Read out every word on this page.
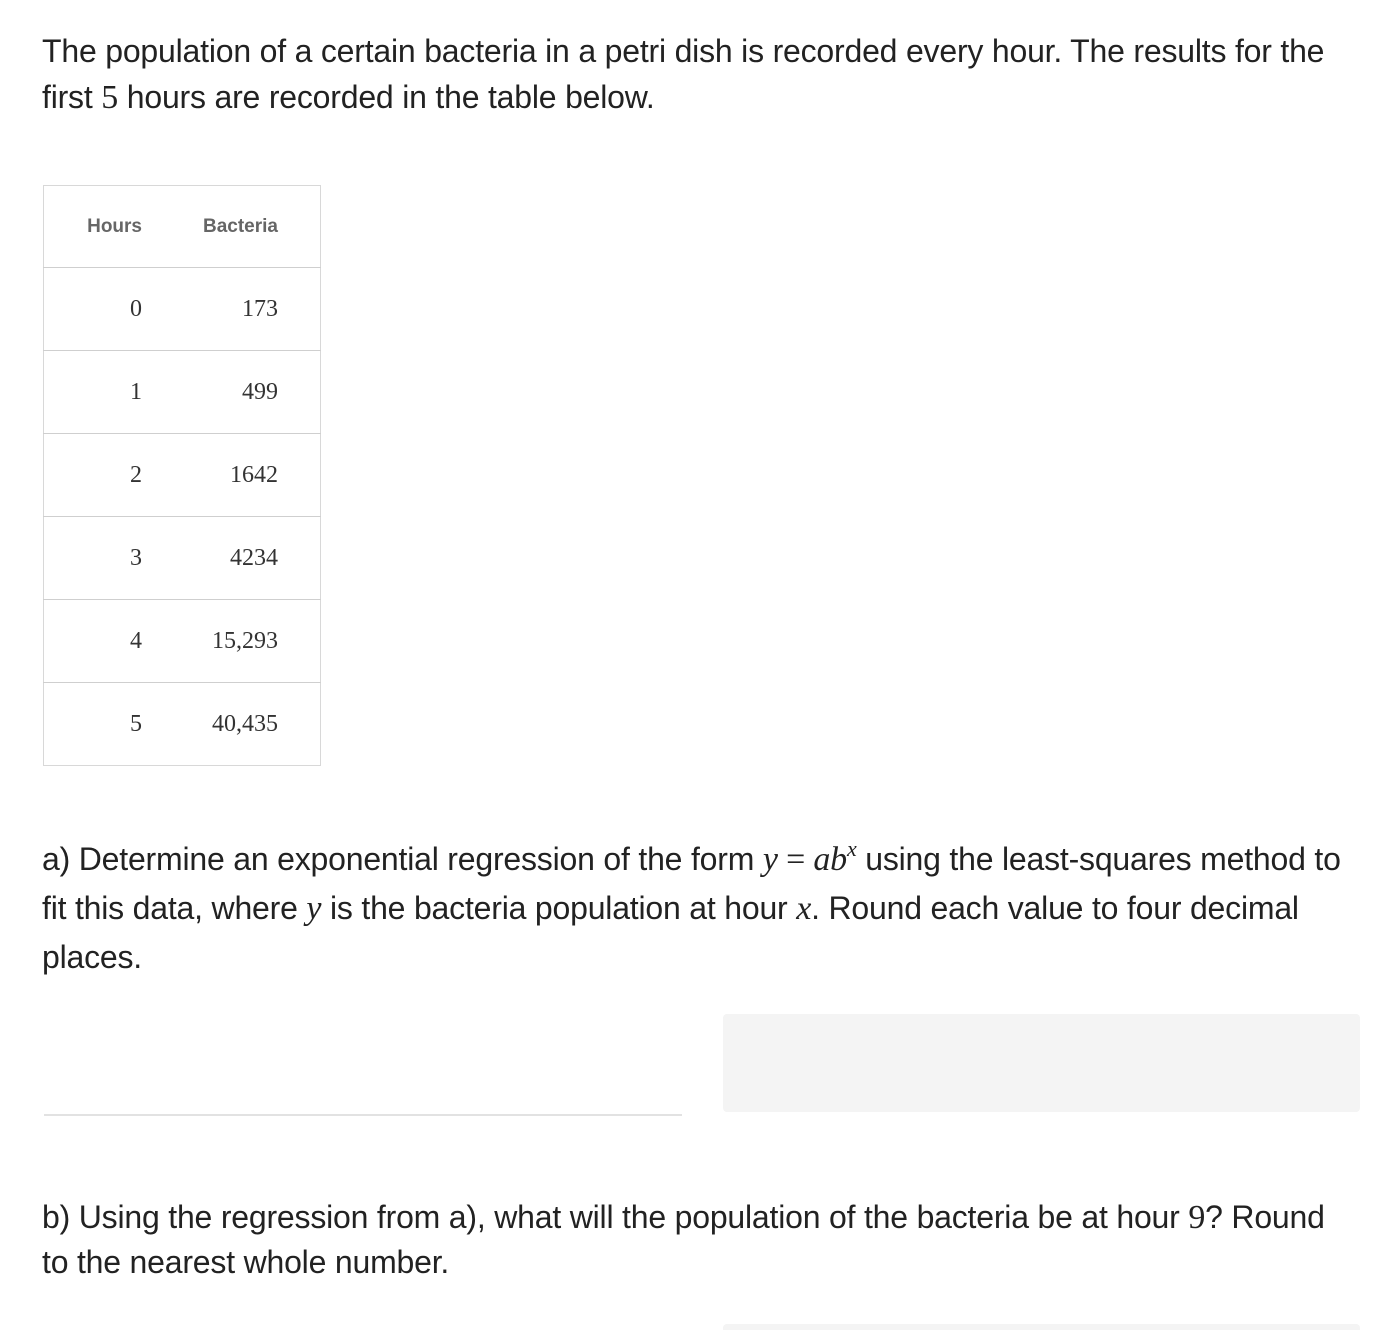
The population of a certain bacteria in a petri dish is recorded every hour. The results for the first 5 hours are recorded in the table below.
Hours	Bacteria
0	173
1	499
2	1642
3	4234
4	15,293
5	40,435
a) Determine an exponential regression of the form $y = ab^x$ using the least-squares method to fit this data, where y is the bacteria population at hour x. Round each value to four decimal places.
b) Using the regression from a), what will the population of the bacteria be at hour 9? Round to the nearest whole number.
